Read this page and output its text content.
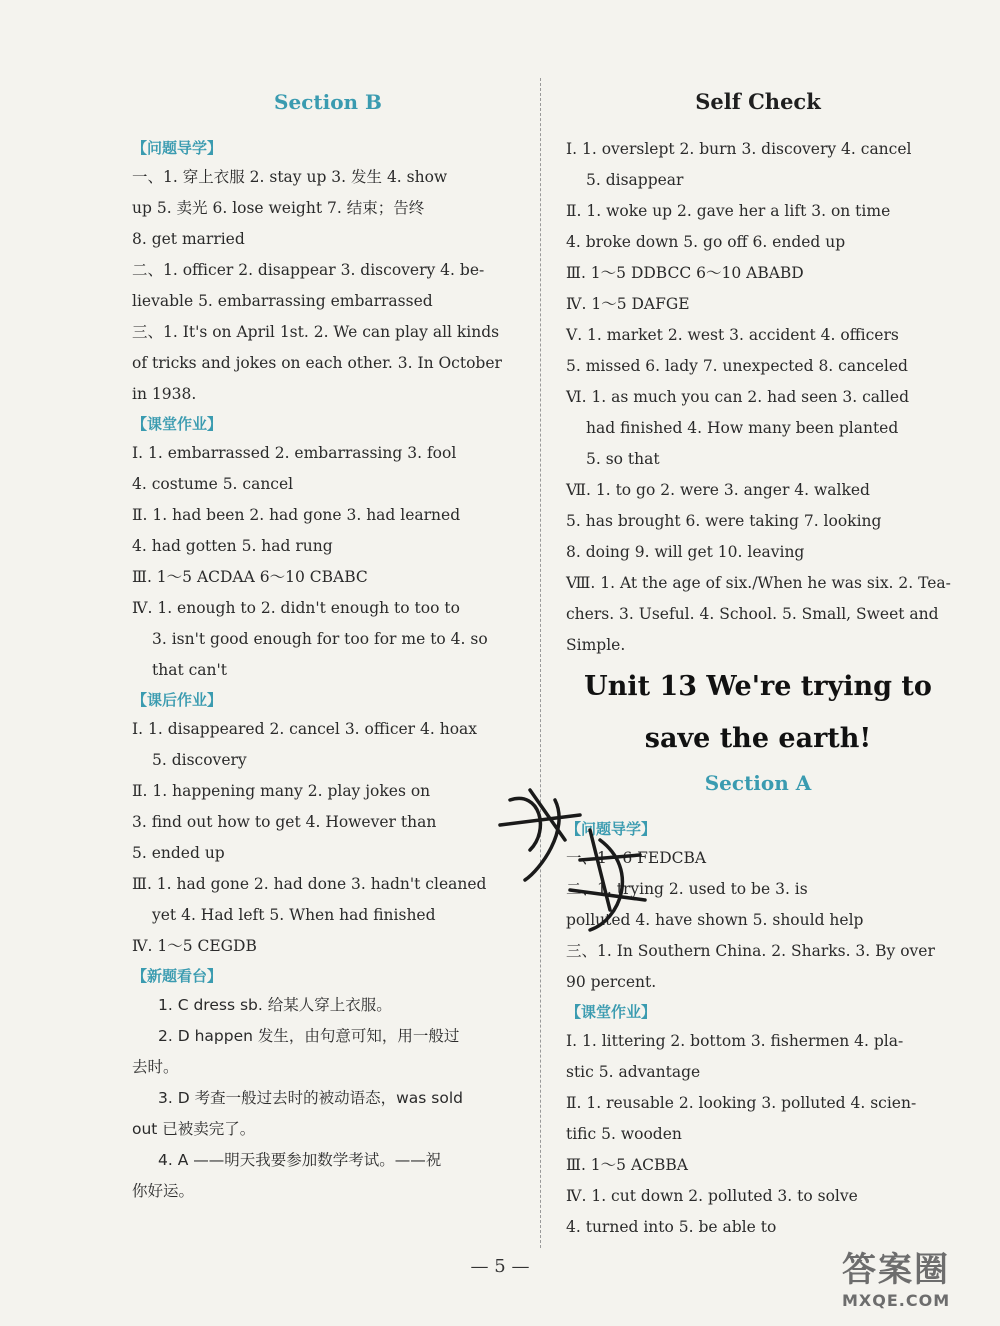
Section B
【问题导学】
一、1. 穿上衣服 2. stay up 3. 发生 4. show
up 5. 卖光 6. lose weight 7. 结束；告终
8. get married
二、1. officer 2. disappear 3. discovery 4. be-
lievable 5. embarrassing embarrassed
三、1. It's on April 1st. 2. We can play all kinds
of tricks and jokes on each other. 3. In October
in 1938.
【课堂作业】
Ⅰ. 1. embarrassed 2. embarrassing 3. fool
4. costume 5. cancel
Ⅱ. 1. had been 2. had gone 3. had learned
4. had gotten 5. had rung
Ⅲ. 1～5 ACDAA 6～10 CBABC
Ⅳ. 1. enough to 2. didn't enough to too to
3. isn't good enough for too for me to 4. so
that can't
【课后作业】
Ⅰ. 1. disappeared 2. cancel 3. officer 4. hoax
5. discovery
Ⅱ. 1. happening many 2. play jokes on
3. find out how to get 4. However than
5. ended up
Ⅲ. 1. had gone 2. had done 3. hadn't cleaned
yet 4. Had left 5. When had finished
Ⅳ. 1～5 CEGDB
【新题看台】
1. C dress sb. 给某人穿上衣服。
2. D happen 发生，由句意可知，用一般过
去时。
3. D 考查一般过去时的被动语态，was sold
out 已被卖完了。
4. A ——明天我要参加数学考试。——祝
你好运。
Self Check
Ⅰ. 1. overslept 2. burn 3. discovery 4. cancel
5. disappear
Ⅱ. 1. woke up 2. gave her a lift 3. on time
4. broke down 5. go off 6. ended up
Ⅲ. 1～5 DDBCC 6～10 ABABD
Ⅳ. 1～5 DAFGE
Ⅴ. 1. market 2. west 3. accident 4. officers
5. missed 6. lady 7. unexpected 8. canceled
Ⅵ. 1. as much you can 2. had seen 3. called
had finished 4. How many been planted
5. so that
Ⅶ. 1. to go 2. were 3. anger 4. walked
5. has brought 6. were taking 7. looking
8. doing 9. will get 10. leaving
Ⅷ. 1. At the age of six./When he was six. 2. Tea-
chers. 3. Useful. 4. School. 5. Small, Sweet and
Simple.
Unit 13 We're trying to
save the earth!
Section A
【问题导学】
一、1～6 FEDCBA
二、1. trying 2. used to be 3. is
polluted 4. have shown 5. should help
三、1. In Southern China. 2. Sharks. 3. By over
90 percent.
【课堂作业】
Ⅰ. 1. littering 2. bottom 3. fishermen 4. pla-
stic 5. advantage
Ⅱ. 1. reusable 2. looking 3. polluted 4. scien-
tific 5. wooden
Ⅲ. 1～5 ACBBA
Ⅳ. 1. cut down 2. polluted 3. to solve
4. turned into 5. be able to
— 5 —	答案圈
MXQE.COM
